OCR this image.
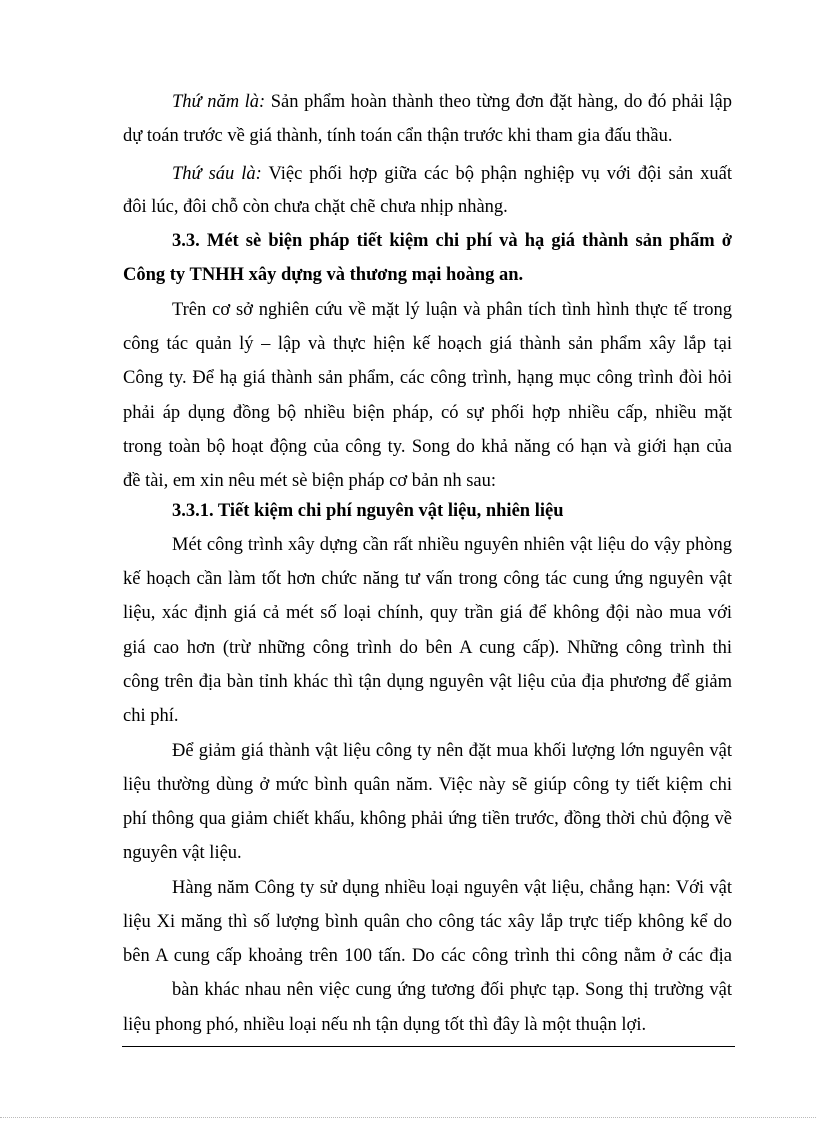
Thứ năm là: Sản phẩm hoàn thành theo từng đơn đặt hàng, do đó phải lập

dự toán trước về giá thành, tính toán cẩn thận trước khi tham gia đấu thầu.

Thứ sáu là: Việc phối hợp giữa các bộ phận nghiệp vụ với đội sản xuất

đôi lúc, đôi chỗ còn chưa chặt chẽ chưa nhịp nhàng.

3.3. Mét sè biện pháp tiết kiệm chi phí và hạ giá thành sản phẩm ở

Công ty TNHH xây dựng và thương mại hoàng an.

Trên cơ sở nghiên cứu về mặt lý luận và phân tích tình hình thực tế trong

công tác quản lý – lập và thực hiện kế hoạch giá thành sản phẩm xây lắp tại

Công ty. Để hạ giá thành sản phẩm, các công trình, hạng mục công trình đòi hỏi

phải áp dụng đồng bộ nhiều biện pháp, có sự phối hợp nhiều cấp, nhiều mặt

trong toàn bộ hoạt động của công ty. Song do khả năng có hạn và giới hạn của

đề tài, em xin nêu mét sè biện pháp cơ bản nh sau:

3.3.1. Tiết kiệm chi phí nguyên vật liệu, nhiên liệu

Mét công trình xây dựng cần rất nhiều nguyên nhiên vật liệu do vậy phòng

kế hoạch cần làm tốt hơn chức năng tư vấn trong công tác cung ứng nguyên vật

liệu, xác định giá cả mét số loại chính, quy trần giá để không đội nào mua với

giá cao hơn (trừ những công trình do bên A cung cấp). Những công trình thi

công trên địa bàn tỉnh khác thì tận dụng nguyên vật liệu của địa phương để giảm

chi phí.

Để giảm giá thành vật liệu công ty nên đặt mua khối lượng lớn nguyên vật

liệu thường dùng ở mức bình quân năm. Việc này sẽ giúp công ty tiết kiệm chi

phí thông qua giảm chiết khấu, không phải ứng tiền trước, đồng thời chủ động về

nguyên vật liệu.

Hàng năm Công ty sử dụng nhiều loại nguyên vật liệu, chẳng hạn: Với vật

liệu Xi măng thì số lượng bình quân cho công tác xây lắp trực tiếp không kể do

bên A cung cấp khoảng trên 100 tấn. Do các công trình thi công nằm ở các địa

bàn khác nhau nên việc cung ứng tương đối phực tạp. Song thị trường vật

liệu phong phó, nhiều loại nếu nh tận dụng tốt thì đây là một thuận lợi.
